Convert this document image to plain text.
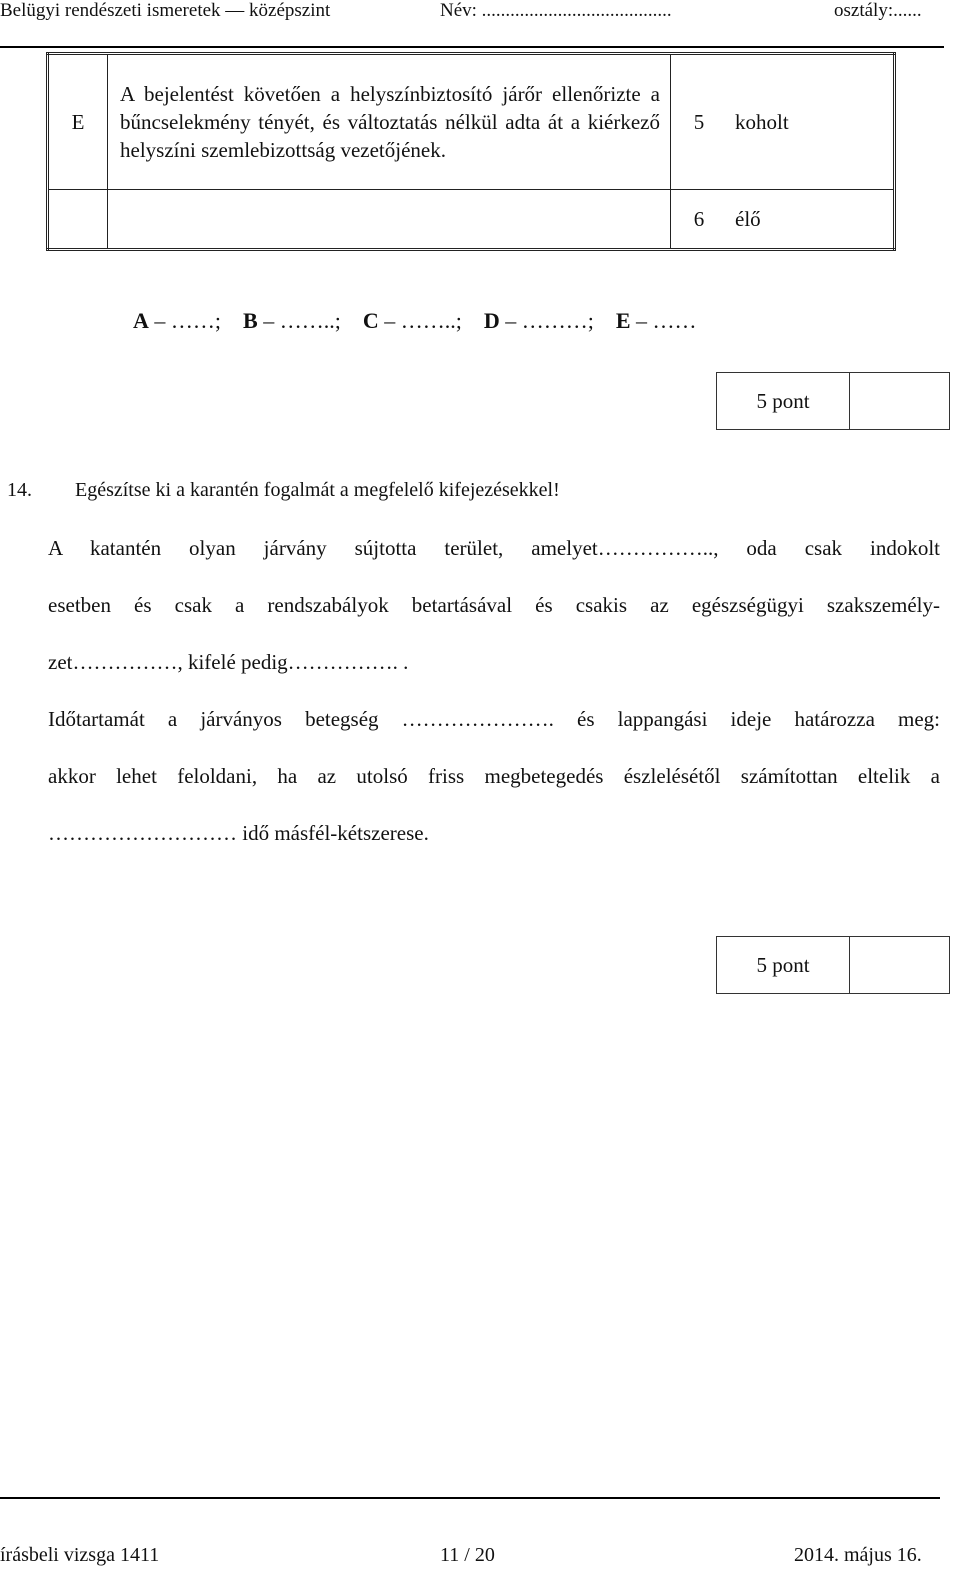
Belügyi rendészeti ismeretek — középszint	Név: ........................................	osztály:......
E	A bejelentést követően a helyszínbiztosító járőr ellenőrizte a bűncselekmény tényét, és változtatás nélkül adta át a kiérkező helyszíni szemlebizottság vezetőjének.	5	koholt
		6	élő
A – ……; B – ……..; C – ……..; D – ………; E – ……
5 pont	
14. Egészítse ki a karantén fogalmát a megfelelő kifejezésekkel!
A katantén olyan járvány sújtotta terület, amelyet…………….., oda csak indokolt
esetben és csak a rendszabályok betartásával és csakis az egészségügyi szakszemély-
zet……………, kifelé pedig……………. .
Időtartamát a járványos betegség …………………. és lappangási ideje határozza meg:
akkor lehet feloldani, ha az utolsó friss megbetegedés észlelésétől számítottan eltelik a
……………………… idő másfél-kétszerese.
5 pont	
írásbeli vizsga 1411	11 / 20	2014. május 16.
